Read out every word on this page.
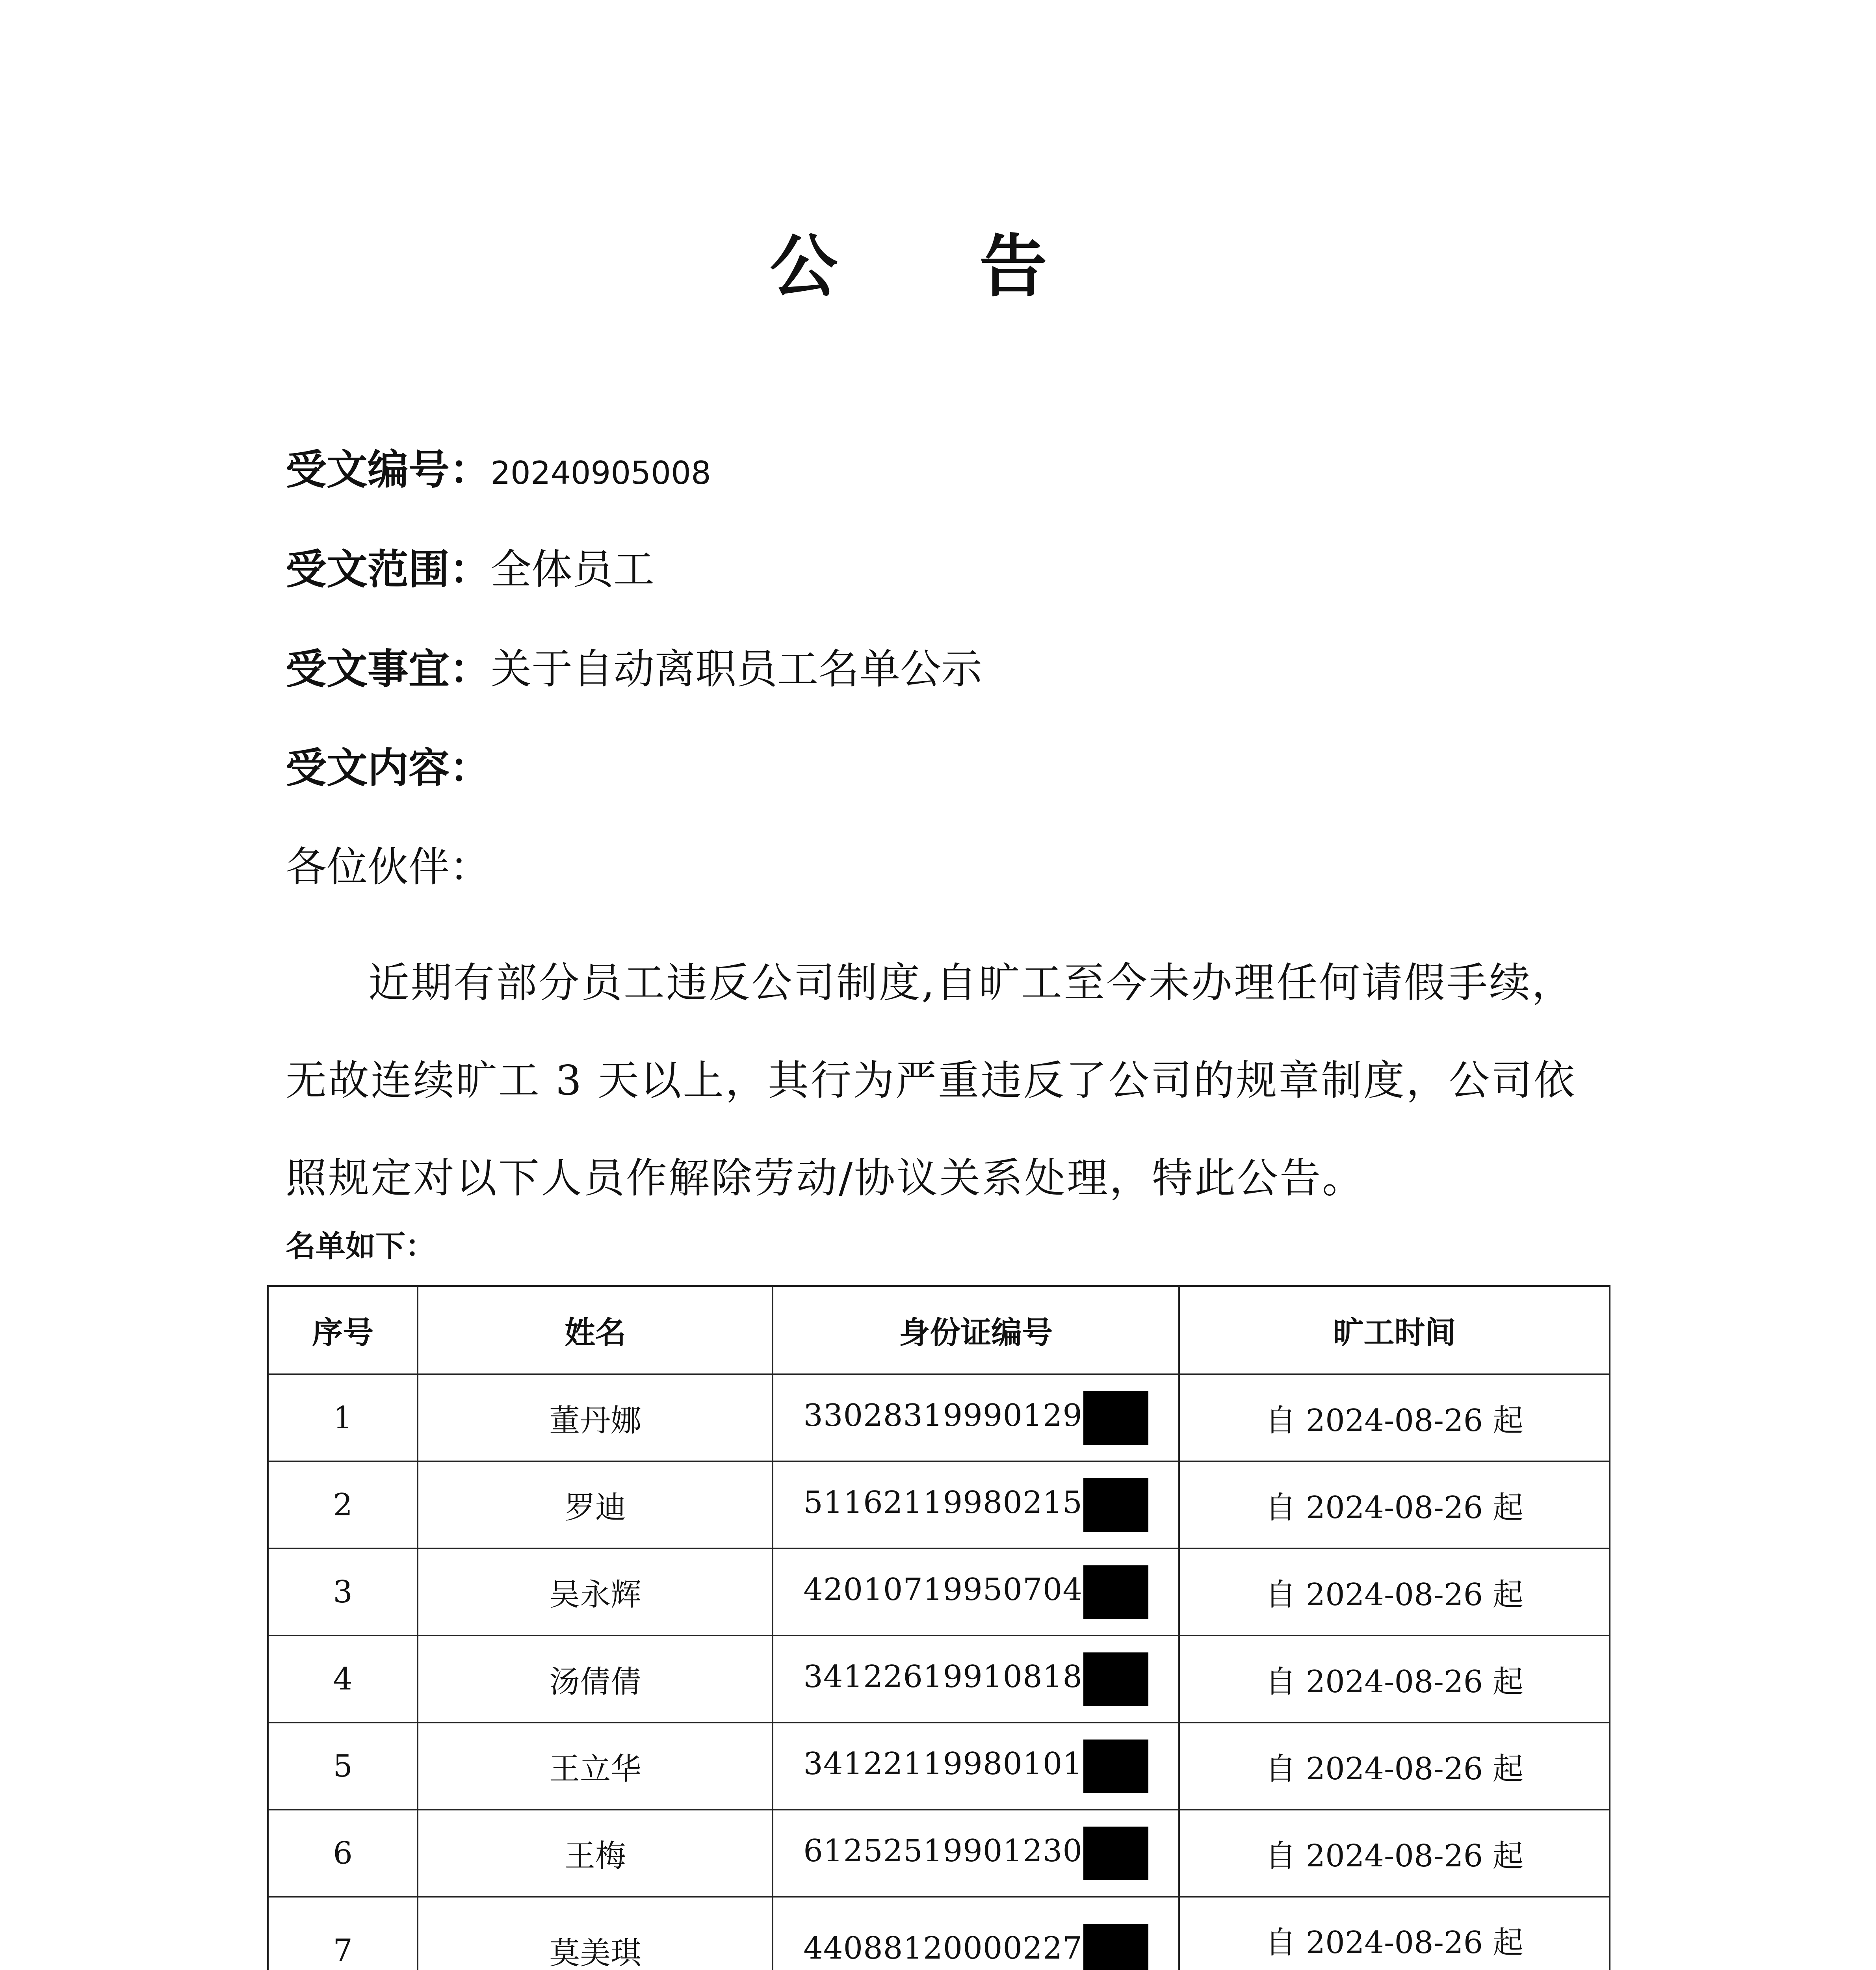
公 告
受文编号：20240905008
受文范围：全体员工
受文事宜：关于自动离职员工名单公示
受文内容：
各位伙伴：
近期有部分员工违反公司制度,自旷工至今未办理任何请假手续，无故连续旷工 3 天以上，其行为严重违反了公司的规章制度，公司依照规定对以下人员作解除劳动/协议关系处理，特此公告。
名单如下：
序号	姓名	身份证编号	旷工时间
1	董丹娜	33028319990129	自 2024-08-26 起
2	罗迪	51162119980215	自 2024-08-26 起
3	吴永辉	42010719950704	自 2024-08-26 起
4	汤倩倩	34122619910818	自 2024-08-26 起
5	王立华	34122119980101	自 2024-08-26 起
6	王梅	61252519901230	自 2024-08-26 起
7	莫美琪	44088120000227	自 2024-08-26 起
